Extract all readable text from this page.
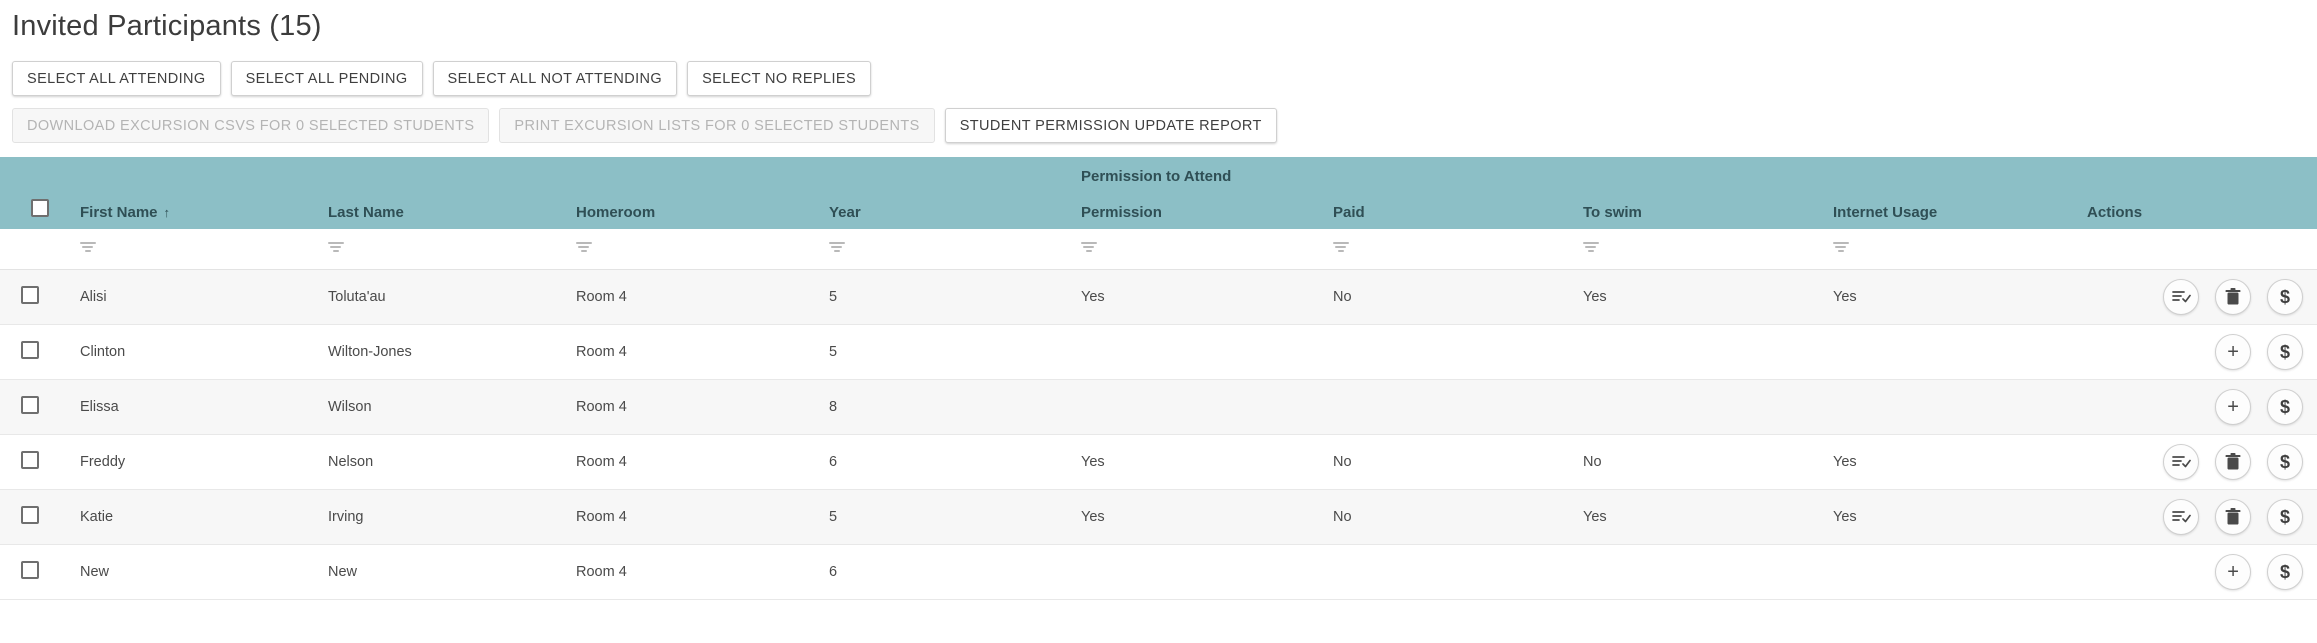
Invited Participants (15)
SELECT ALL ATTENDING	SELECT ALL PENDING	SELECT ALL NOT ATTENDING	SELECT NO REPLIES
DOWNLOAD EXCURSION CSVS FOR 0 SELECTED STUDENTS	PRINT EXCURSION LISTS FOR 0 SELECTED STUDENTS	STUDENT PERMISSION UPDATE REPORT
					Permission to Attend				
	First Name ↑	Last Name	Homeroom	Year	Permission	Paid	To swim	Internet Usage	Actions

	Alisi	Toluta'au	Room 4	5	Yes	No	Yes	Yes	$

	Clinton	Wilton-Jones	Room 4	5					+ $

	Elissa	Wilson	Room 4	8					+ $

	Freddy	Nelson	Room 4	6	Yes	No	No	Yes	$

	Katie	Irving	Room 4	5	Yes	No	Yes	Yes	$

	New	New	Room 4	6					+ $
